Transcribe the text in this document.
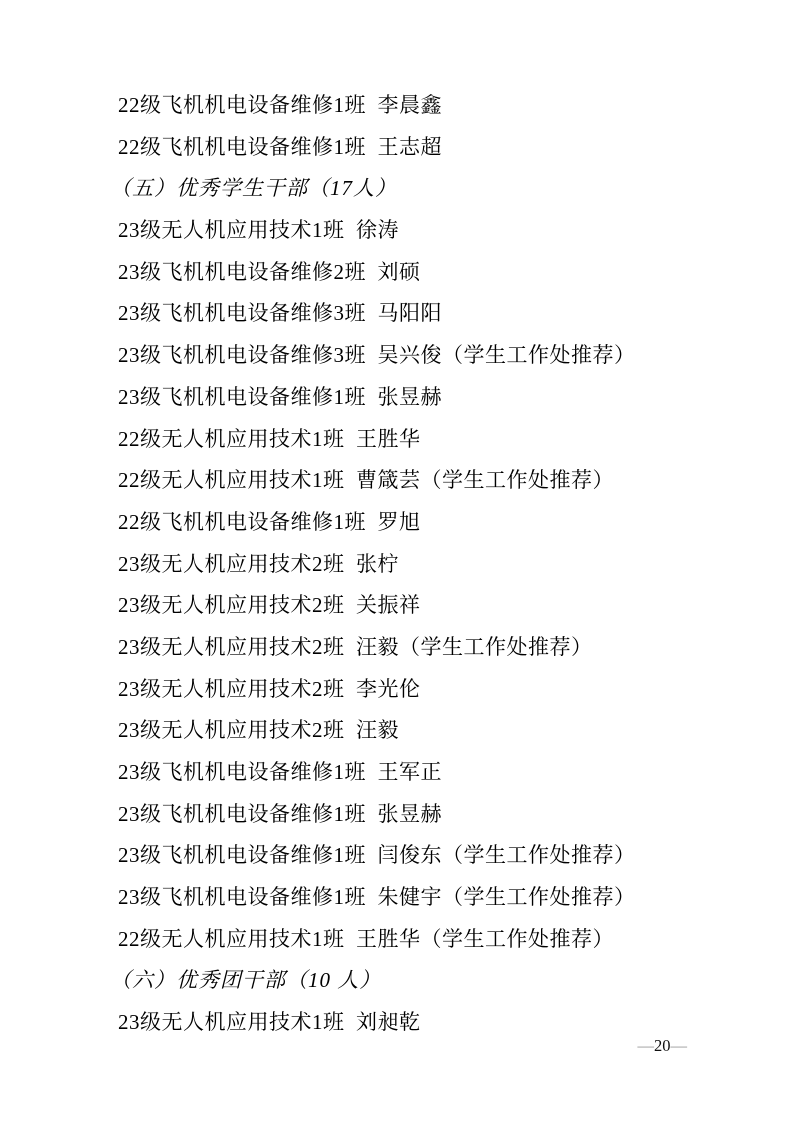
22级飞机机电设备维修1班  李晨鑫
22级飞机机电设备维修1班  王志超
（五）优秀学生干部（17人）
23级无人机应用技术1班  徐涛
23级飞机机电设备维修2班  刘硕
23级飞机机电设备维修3班  马阳阳
23级飞机机电设备维修3班  吴兴俊（学生工作处推荐）
23级飞机机电设备维修1班  张昱赫
22级无人机应用技术1班  王胜华
22级无人机应用技术1班  曹箴芸（学生工作处推荐）
22级飞机机电设备维修1班  罗旭
23级无人机应用技术2班  张柠
23级无人机应用技术2班  关振祥
23级无人机应用技术2班  汪毅（学生工作处推荐）
23级无人机应用技术2班  李光伦
23级无人机应用技术2班  汪毅
23级飞机机电设备维修1班  王军正
23级飞机机电设备维修1班  张昱赫
23级飞机机电设备维修1班  闫俊东（学生工作处推荐）
23级飞机机电设备维修1班  朱健宇（学生工作处推荐）
22级无人机应用技术1班  王胜华（学生工作处推荐）
（六）优秀团干部（10 人）
23级无人机应用技术1班  刘昶乾
—20—
